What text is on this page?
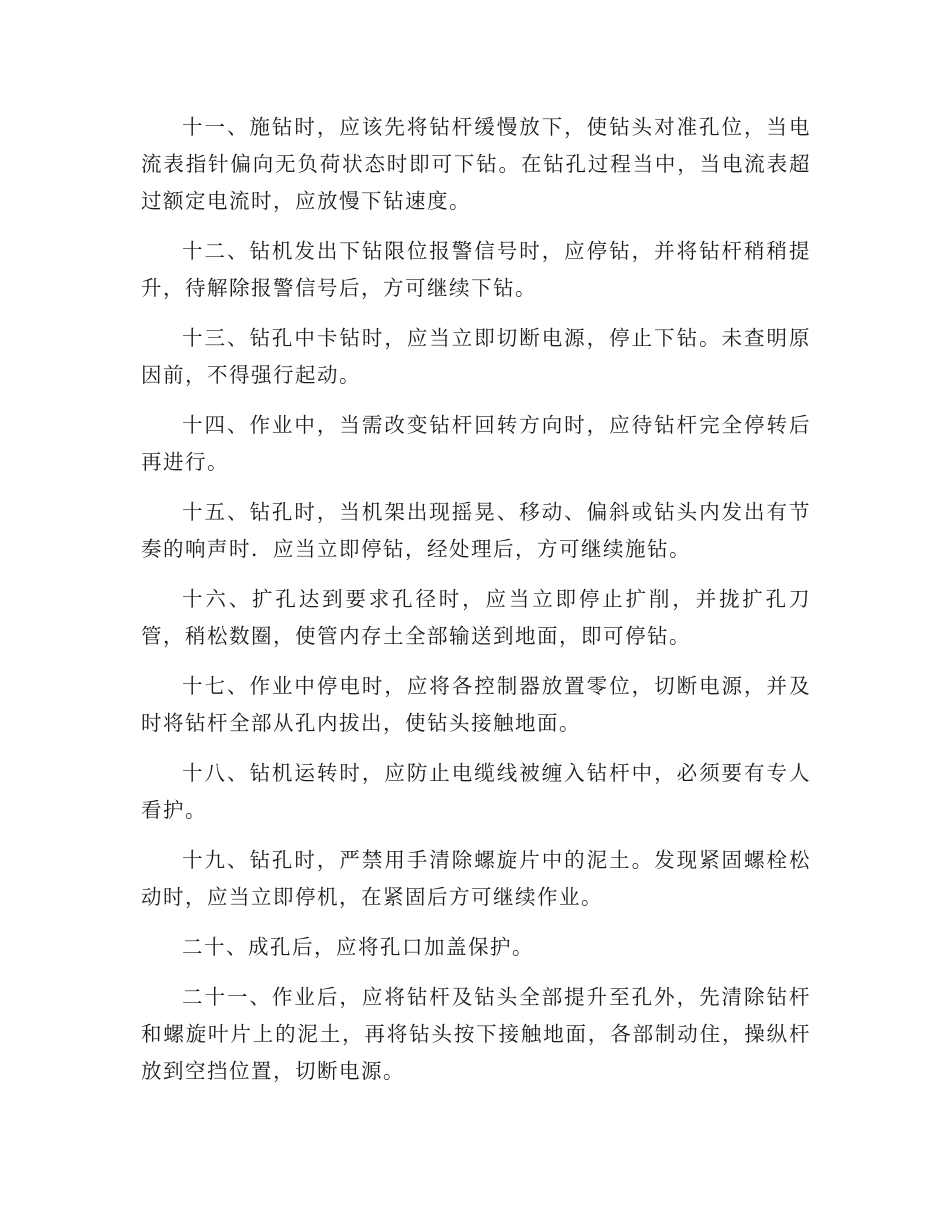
十一、施钻时，应该先将钻杆缓慢放下，使钻头对准孔位，当电流表指针偏向无负荷状态时即可下钻。在钻孔过程当中，当电流表超过额定电流时，应放慢下钻速度。

十二、钻机发出下钻限位报警信号时，应停钻，并将钻杆稍稍提升，待解除报警信号后，方可继续下钻。

十三、钻孔中卡钻时，应当立即切断电源，停止下钻。未查明原因前，不得强行起动。

十四、作业中，当需改变钻杆回转方向时，应待钻杆完全停转后再进行。

十五、钻孔时，当机架出现摇晃、移动、偏斜或钻头内发出有节奏的响声时．应当立即停钻，经处理后，方可继续施钻。

十六、扩孔达到要求孔径时，应当立即停止扩削，并拢扩孔刀管，稍松数圈，使管内存土全部输送到地面，即可停钻。

十七、作业中停电时，应将各控制器放置零位，切断电源，并及时将钻杆全部从孔内拔出，使钻头接触地面。

十八、钻机运转时，应防止电缆线被缠入钻杆中，必须要有专人看护。

十九、钻孔时，严禁用手清除螺旋片中的泥土。发现紧固螺栓松动时，应当立即停机，在紧固后方可继续作业。

二十、成孔后，应将孔口加盖保护。

二十一、作业后，应将钻杆及钻头全部提升至孔外，先清除钻杆和螺旋叶片上的泥土，再将钻头按下接触地面，各部制动住，操纵杆放到空挡位置，切断电源。
